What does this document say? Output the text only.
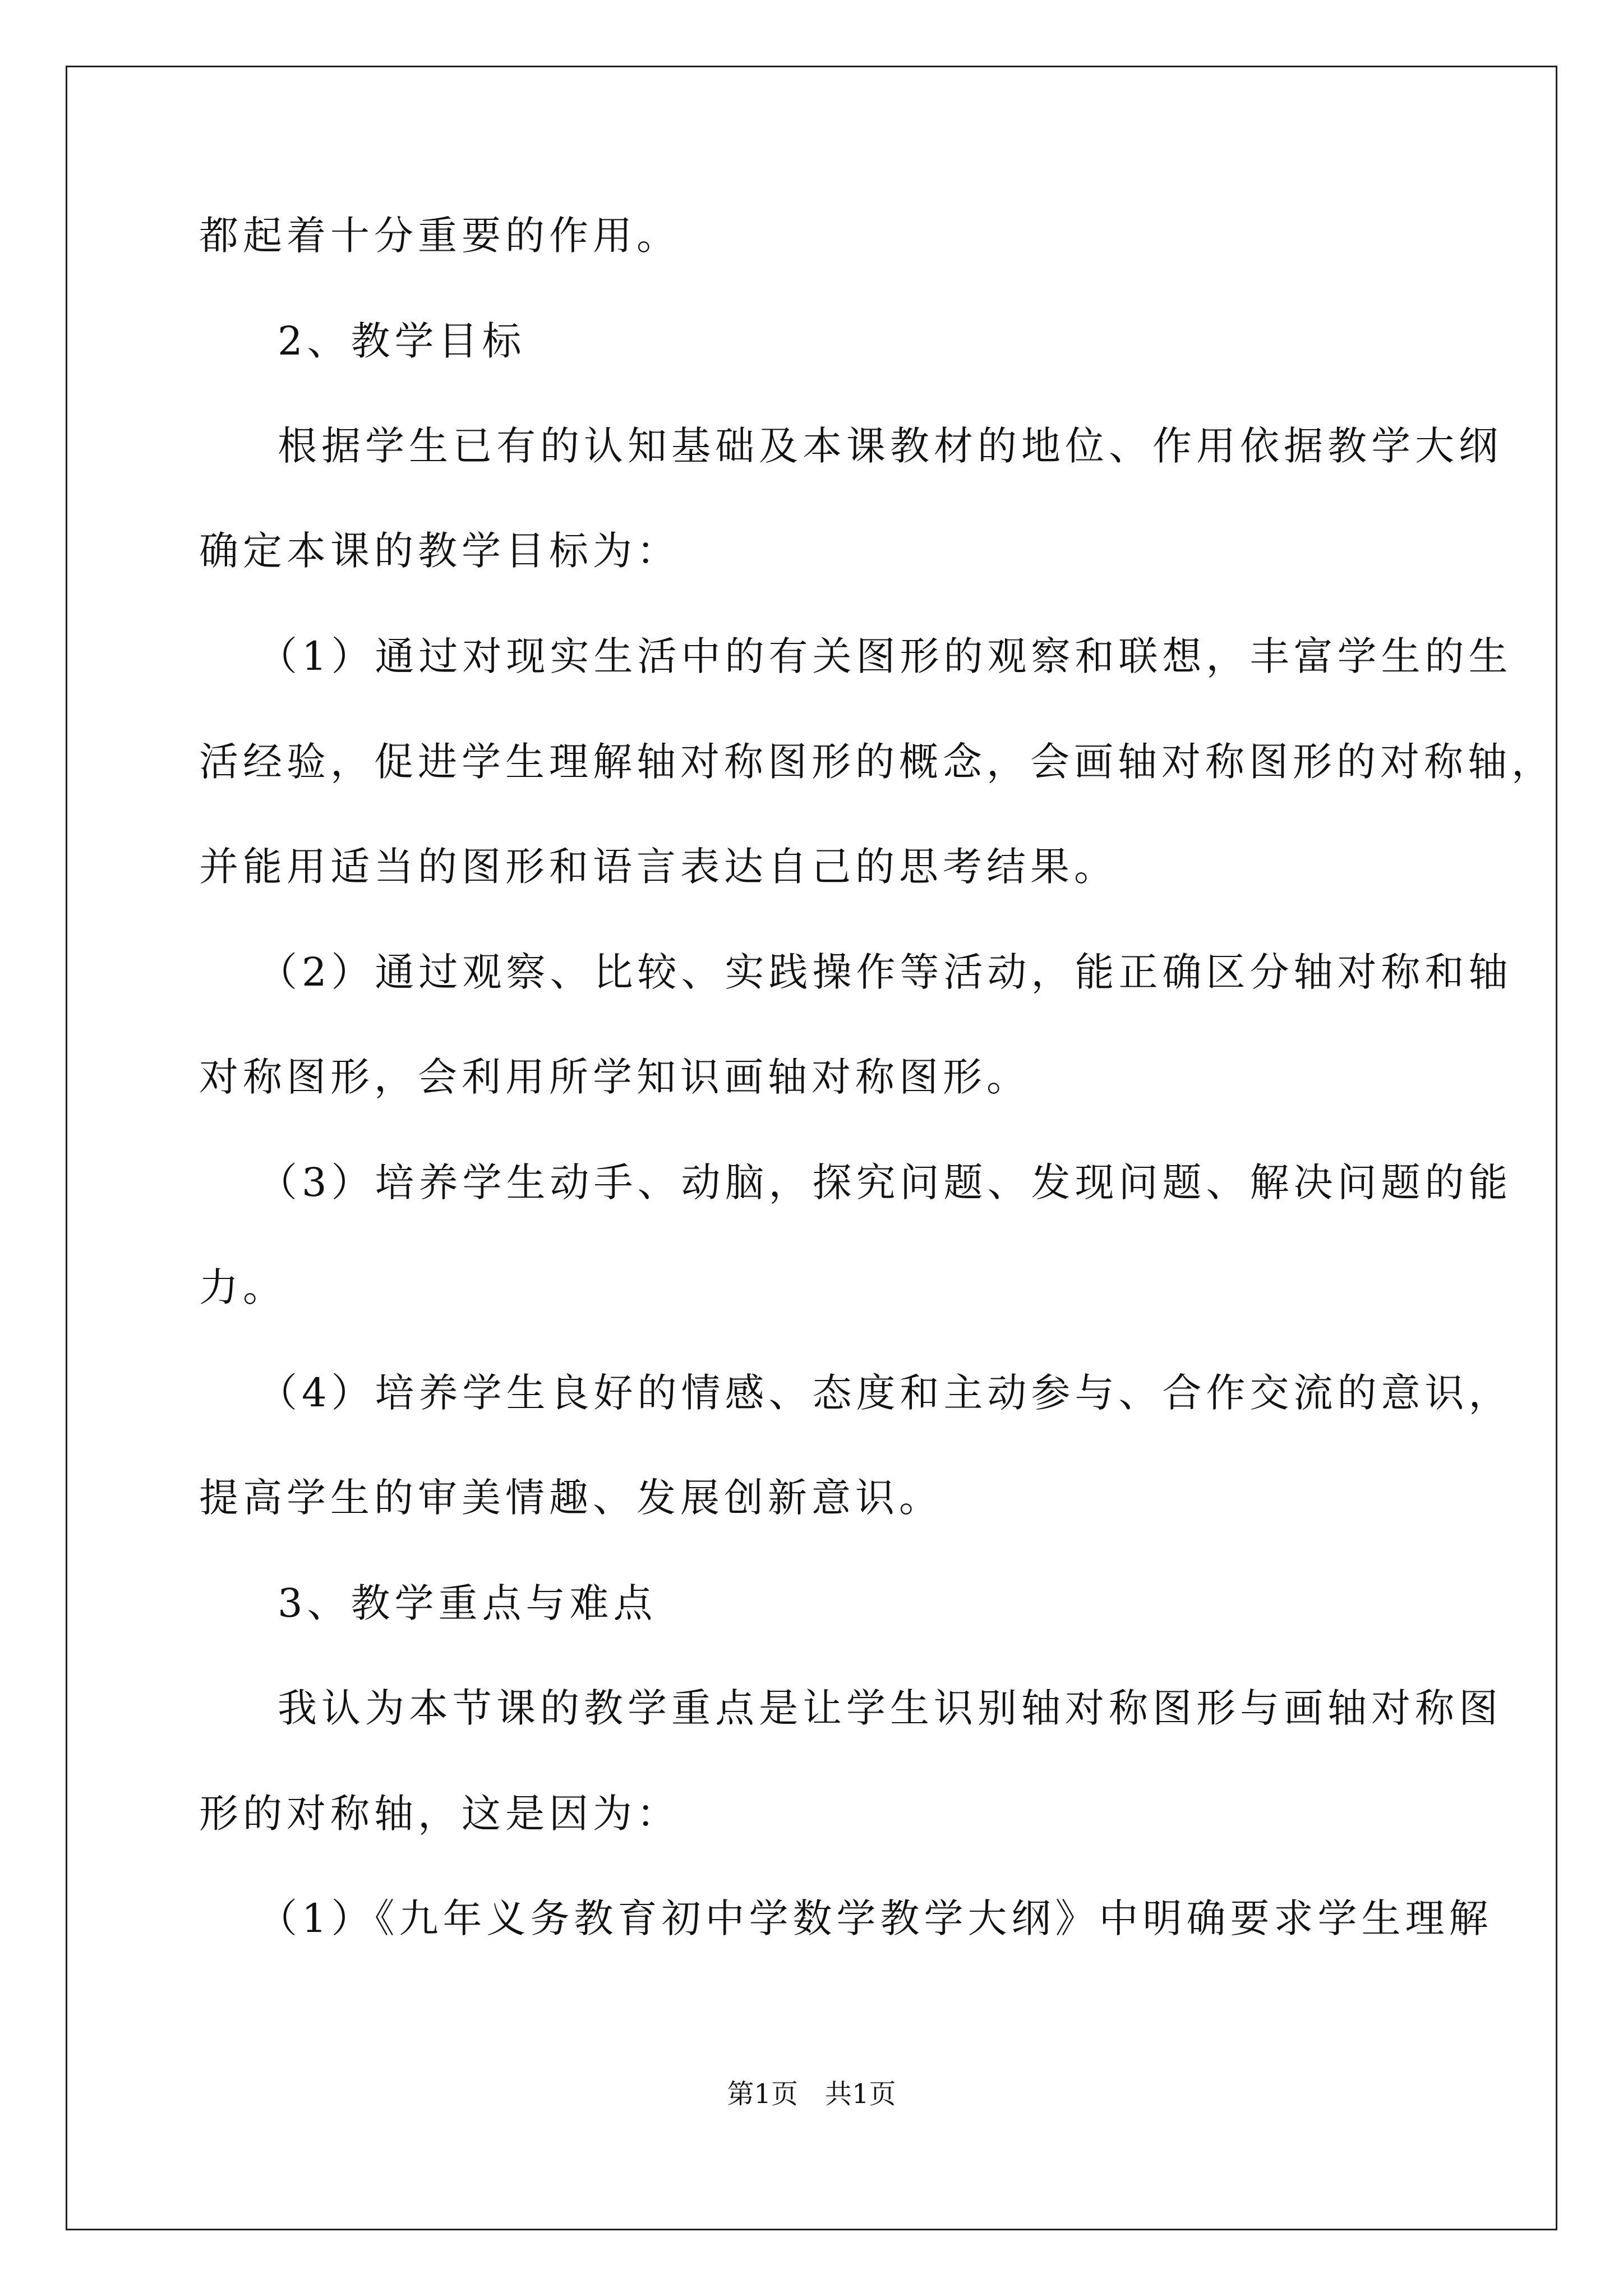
都起着十分重要的作用。
2、教学目标
根据学生已有的认知基础及本课教材的地位、作用依据教学大纲
确定本课的教学目标为：
（1）通过对现实生活中的有关图形的观察和联想，丰富学生的生
活经验，促进学生理解轴对称图形的概念，会画轴对称图形的对称轴，
并能用适当的图形和语言表达自己的思考结果。
（2）通过观察、比较、实践操作等活动，能正确区分轴对称和轴
对称图形，会利用所学知识画轴对称图形。
（3）培养学生动手、动脑，探究问题、发现问题、解决问题的能
力。
（4）培养学生良好的情感、态度和主动参与、合作交流的意识，
提高学生的审美情趣、发展创新意识。
3、教学重点与难点
我认为本节课的教学重点是让学生识别轴对称图形与画轴对称图
形的对称轴，这是因为：
（1）《九年义务教育初中学数学教学大纲》中明确要求学生理解
第1页　共1页
